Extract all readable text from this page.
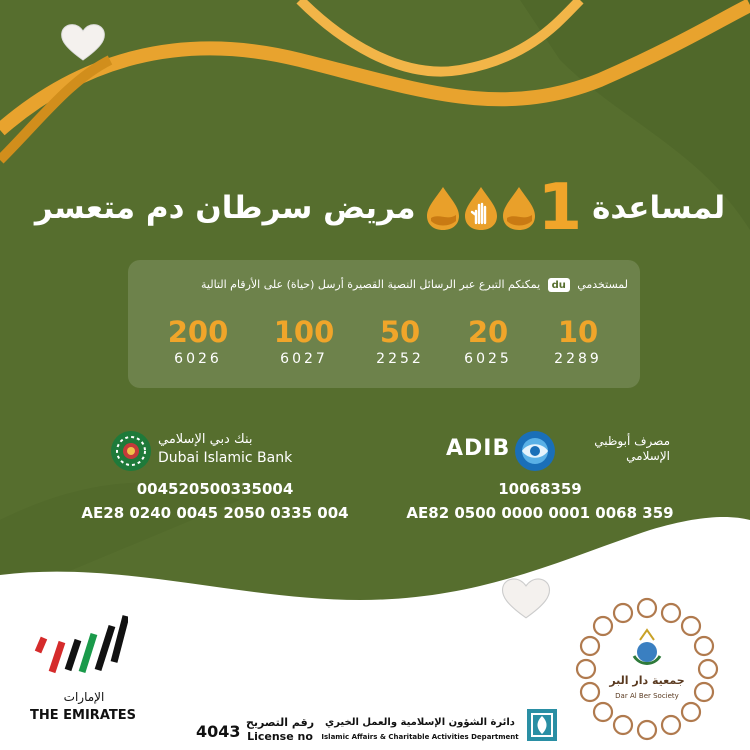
لمساعدة
1
مريض سرطان دم متعسر
لمستخدمي du يمكنكم التبرع عبر الرسائل النصية القصيرة أرسل (حياة) على الأرقام التالية
10
2289
20
6025
50
2252
100
6027
200
6026
بنك دبي الإسلامي
Dubai Islamic Bank
004520500335004
AE28 0240 0045 2050 0335 004
ADIB	مصرف أبوظبي
الإسلامي
10068359
AE82 0500 0000 0001 0068 359
الإمارات
THE EMIRATES
4043 رقم التصريح
License no
دائرة الشؤون الإسلامية والعمل الخيري
Islamic Affairs & Charitable Activities Department
جمعية دار البر
Dar Al Ber Society
